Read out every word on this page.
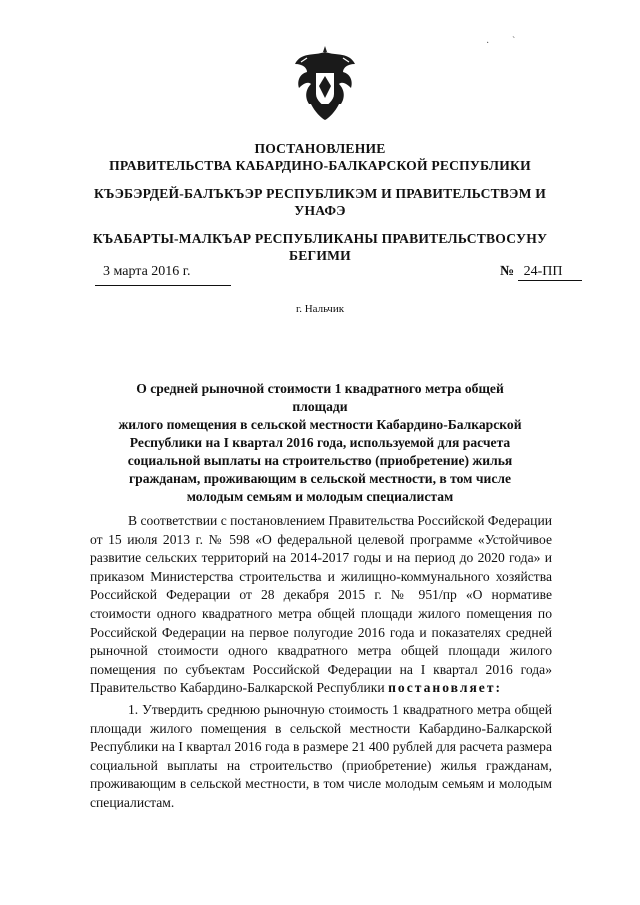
· ˋ
ПОСТАНОВЛЕНИЕ
ПРАВИТЕЛЬСТВА КАБАРДИНО-БАЛКАРСКОЙ РЕСПУБЛИКИ
КЪЭБЭРДЕЙ-БАЛЪКЪЭР РЕСПУБЛИКЭМ И ПРАВИТЕЛЬСТВЭМ И
УНАФЭ
КЪАБАРТЫ-МАЛКЪАР РЕСПУБЛИКАНЫ ПРАВИТЕЛЬСТВОСУНУ
БЕГИМИ
3 марта 2016 г.	№ 24-ПП
г. Нальчик
О средней рыночной стоимости 1 квадратного метра общей площади
жилого помещения в сельской местности Кабардино-Балкарской
Республики на I квартал 2016 года, используемой для расчета
социальной выплаты на строительство (приобретение) жилья
гражданам, проживающим в сельской местности, в том числе
молодым семьям и молодым специалистам
В соответствии с постановлением Правительства Российской Федерации от 15 июля 2013 г. № 598 «О федеральной целевой программе «Устойчивое развитие сельских территорий на 2014-2017 годы и на период до 2020 года» и приказом Министерства строительства и жилищно-коммунального хозяйства Российской Федерации от 28 декабря 2015 г. № 951/пр «О нормативе стоимости одного квадратного метра общей площади жилого помещения по Российской Федерации на первое полугодие 2016 года и показателях средней рыночной стоимости одного квадратного метра общей площади жилого помещения по субъектам Российской Федерации на I квартал 2016 года» Правительство Кабардино-Балкарской Республики постановляет:
1. Утвердить среднюю рыночную стоимость 1 квадратного метра общей площади жилого помещения в сельской местности Кабардино-Балкарской Республики на I квартал 2016 года в размере 21 400 рублей для расчета размера социальной выплаты на строительство (приобретение) жилья гражданам, проживающим в сельской местности, в том числе молодым семьям и молодым специалистам.
